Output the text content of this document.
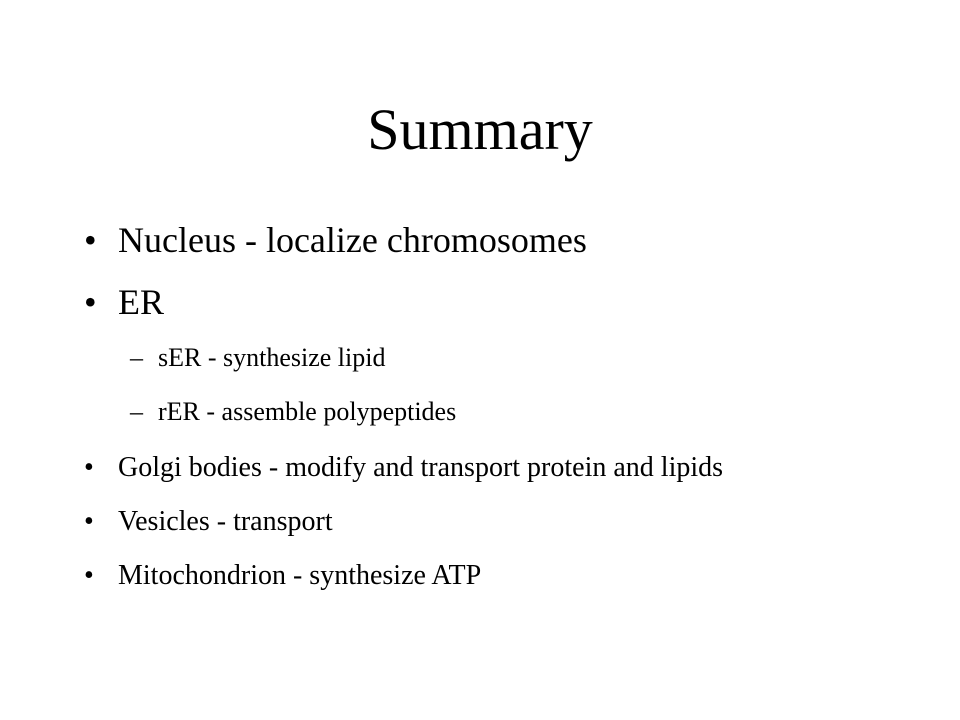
Summary
• Nucleus - localize chromosomes
• ER
– sER - synthesize lipid
– rER - assemble polypeptides
• Golgi bodies - modify and transport protein and lipids
• Vesicles - transport
• Mitochondrion - synthesize ATP
